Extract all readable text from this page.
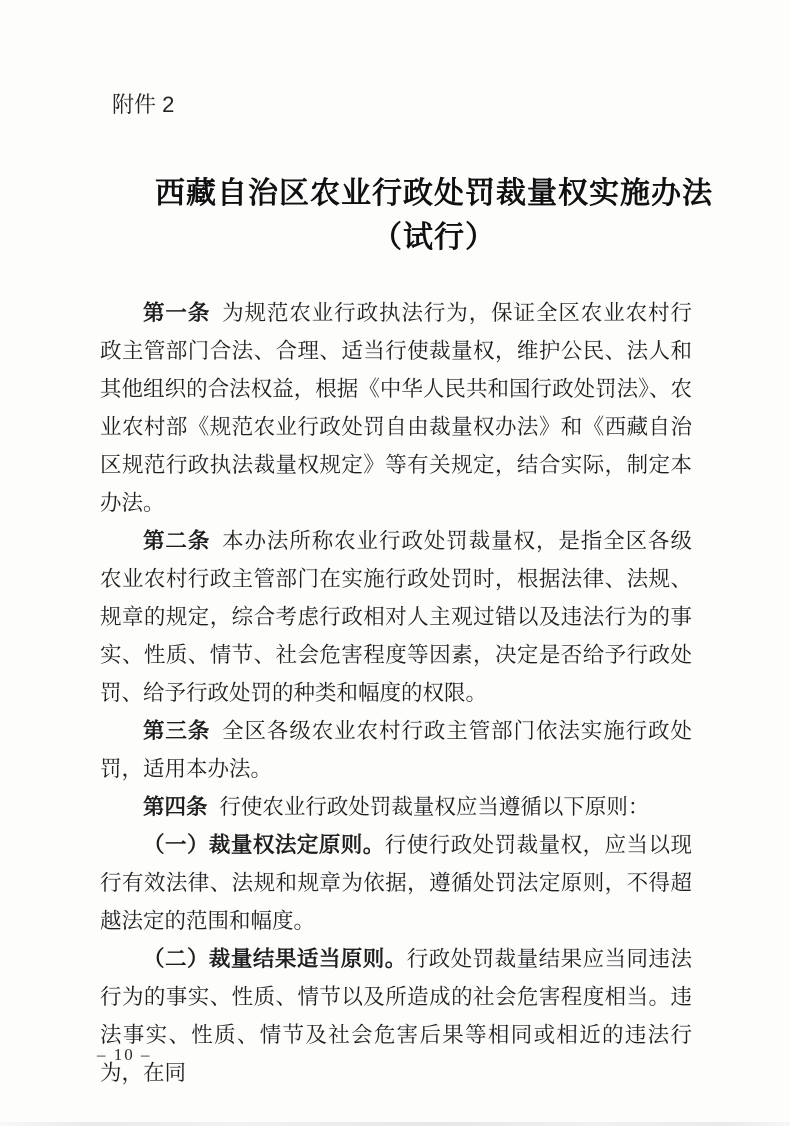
附件 2
西藏自治区农业行政处罚裁量权实施办法
（试行）

第一条 为规范农业行政执法行为，保证全区农业农村行政主管部门合法、合理、适当行使裁量权，维护公民、法人和其他组织的合法权益，根据《中华人民共和国行政处罚法》、农业农村部《规范农业行政处罚自由裁量权办法》和《西藏自治区规范行政执法裁量权规定》等有关规定，结合实际，制定本办法。

第二条 本办法所称农业行政处罚裁量权，是指全区各级农业农村行政主管部门在实施行政处罚时，根据法律、法规、规章的规定，综合考虑行政相对人主观过错以及违法行为的事实、性质、情节、社会危害程度等因素，决定是否给予行政处罚、给予行政处罚的种类和幅度的权限。

第三条 全区各级农业农村行政主管部门依法实施行政处罚，适用本办法。

第四条 行使农业行政处罚裁量权应当遵循以下原则：

（一）裁量权法定原则。行使行政处罚裁量权，应当以现行有效法律、法规和规章为依据，遵循处罚法定原则，不得超越法定的范围和幅度。

（二）裁量结果适当原则。行政处罚裁量结果应当同违法行为的事实、性质、情节以及所造成的社会危害程度相当。违法事实、性质、情节及社会危害后果等相同或相近的违法行为，在同

– 10 –
